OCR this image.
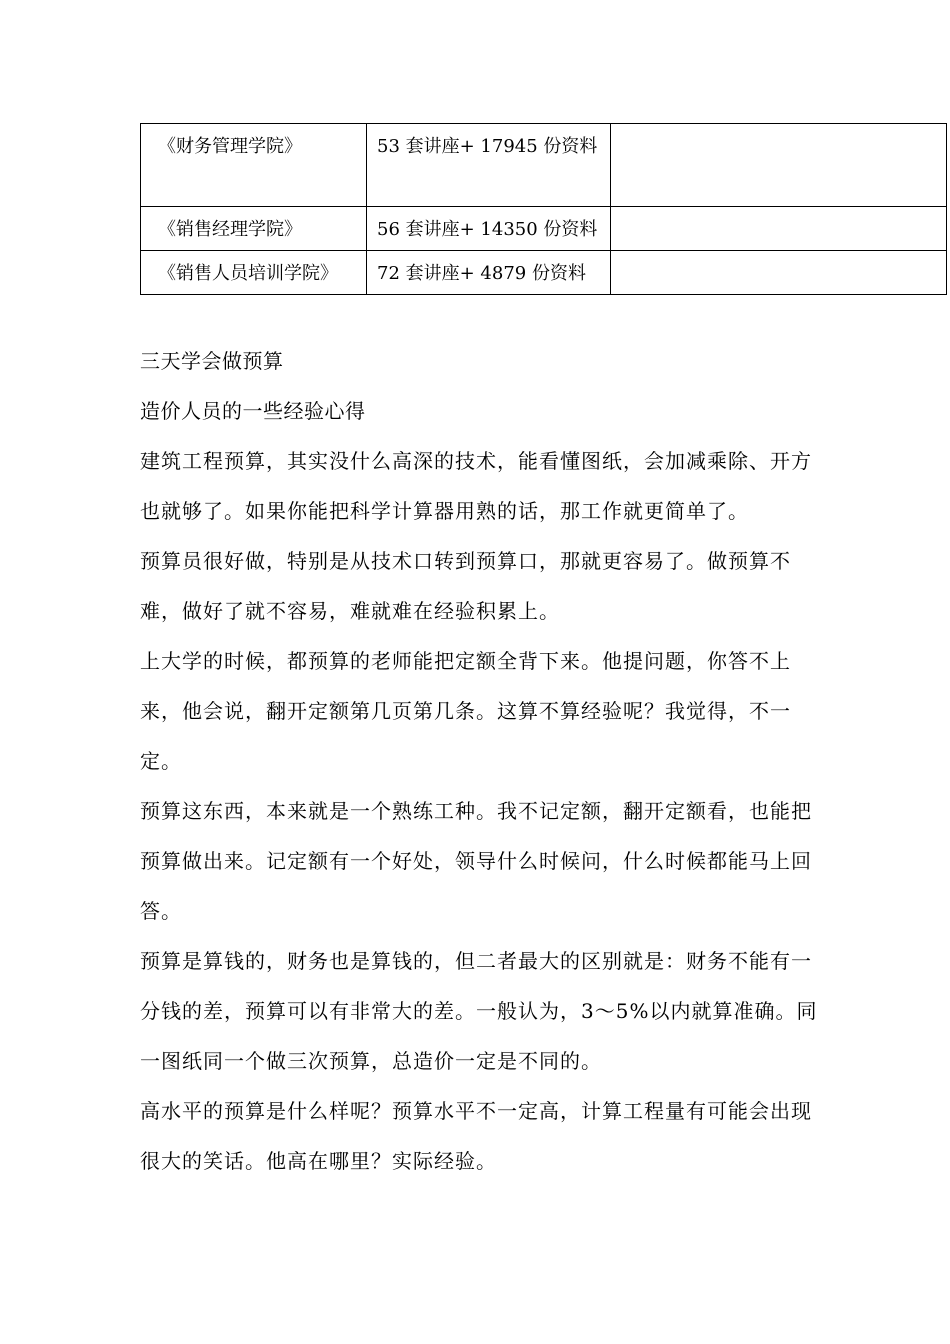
《财务管理学院》	53 套讲座+ 17945 份资料	
《销售经理学院》	56 套讲座+ 14350 份资料	
《销售人员培训学院》	72 套讲座+ 4879 份资料	

三天学会做预算

造价人员的一些经验心得

建筑工程预算，其实没什么高深的技术，能看懂图纸，会加减乘除、开方也就够了。如果你能把科学计算器用熟的话，那工作就更简单了。

预算员很好做，特别是从技术口转到预算口，那就更容易了。做预算不难，做好了就不容易，难就难在经验积累上。

上大学的时候，都预算的老师能把定额全背下来。他提问题，你答不上来，他会说，翻开定额第几页第几条。这算不算经验呢？我觉得，不一定。

预算这东西，本来就是一个熟练工种。我不记定额，翻开定额看，也能把预算做出来。记定额有一个好处，领导什么时候问，什么时候都能马上回答。

预算是算钱的，财务也是算钱的，但二者最大的区别就是：财务不能有一分钱的差，预算可以有非常大的差。一般认为，3～5%以内就算准确。同一图纸同一个做三次预算，总造价一定是不同的。

高水平的预算是什么样呢？预算水平不一定高，计算工程量有可能会出现很大的笑话。他高在哪里？实际经验。
